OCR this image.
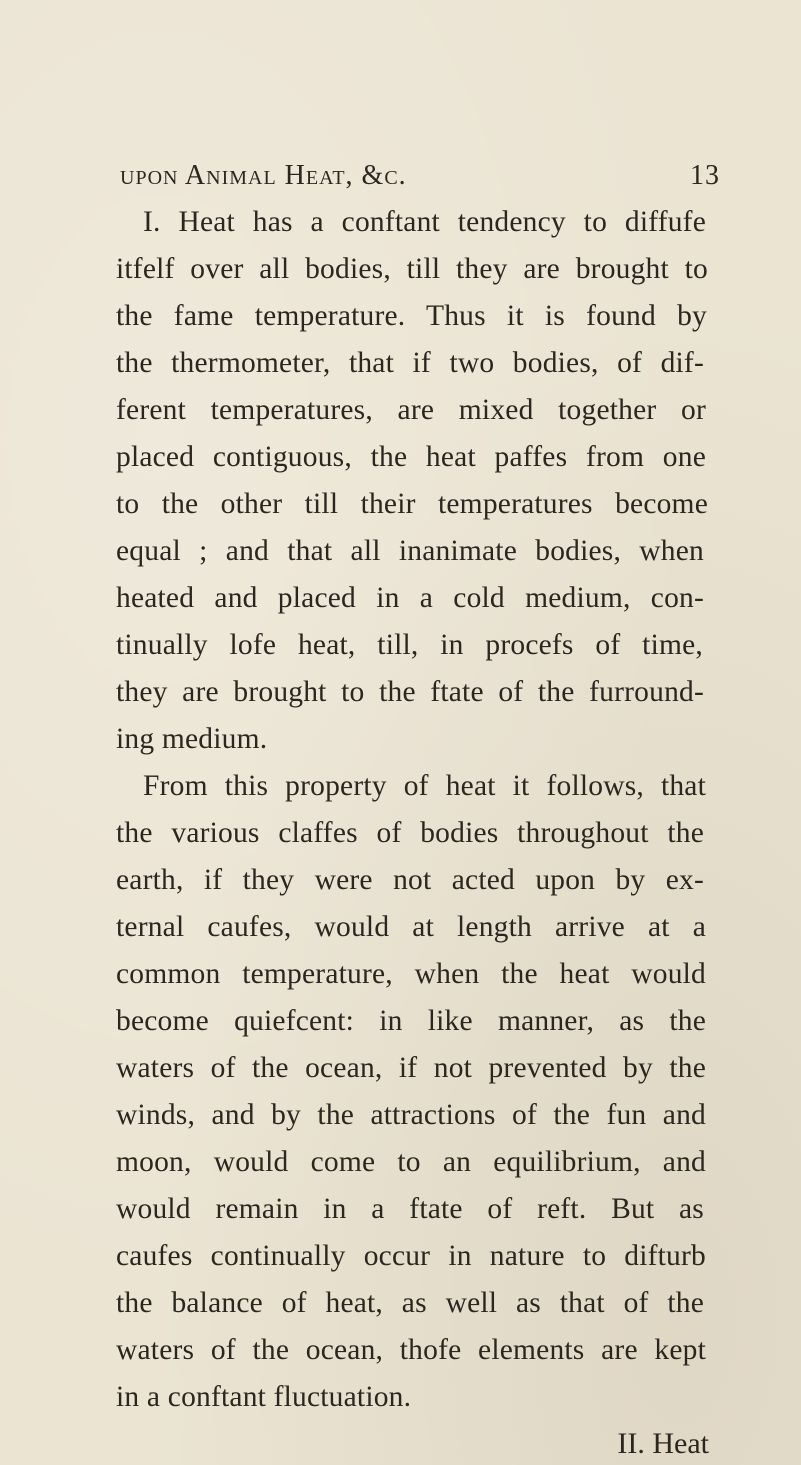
upon Animal Heat, &c.	13
I. Heat has a conftant tendency to diffufe
itfelf over all bodies, till they are brought to
the fame temperature. Thus it is found by
the thermometer, that if two bodies, of dif-
ferent temperatures, are mixed together or
placed contiguous, the heat paffes from one
to the other till their temperatures become
equal ; and that all inanimate bodies, when
heated and placed in a cold medium, con-
tinually lofe heat, till, in procefs of time,
they are brought to the ftate of the furround-
ing medium.
From this property of heat it follows, that
the various claffes of bodies throughout the
earth, if they were not acted upon by ex-
ternal caufes, would at length arrive at a
common temperature, when the heat would
become quiefcent: in like manner, as the
waters of the ocean, if not prevented by the
winds, and by the attractions of the fun and
moon, would come to an equilibrium, and
would remain in a ftate of reft. But as
caufes continually occur in nature to difturb
the balance of heat, as well as that of the
waters of the ocean, thofe elements are kept
in a conftant fluctuation.
II. Heat
